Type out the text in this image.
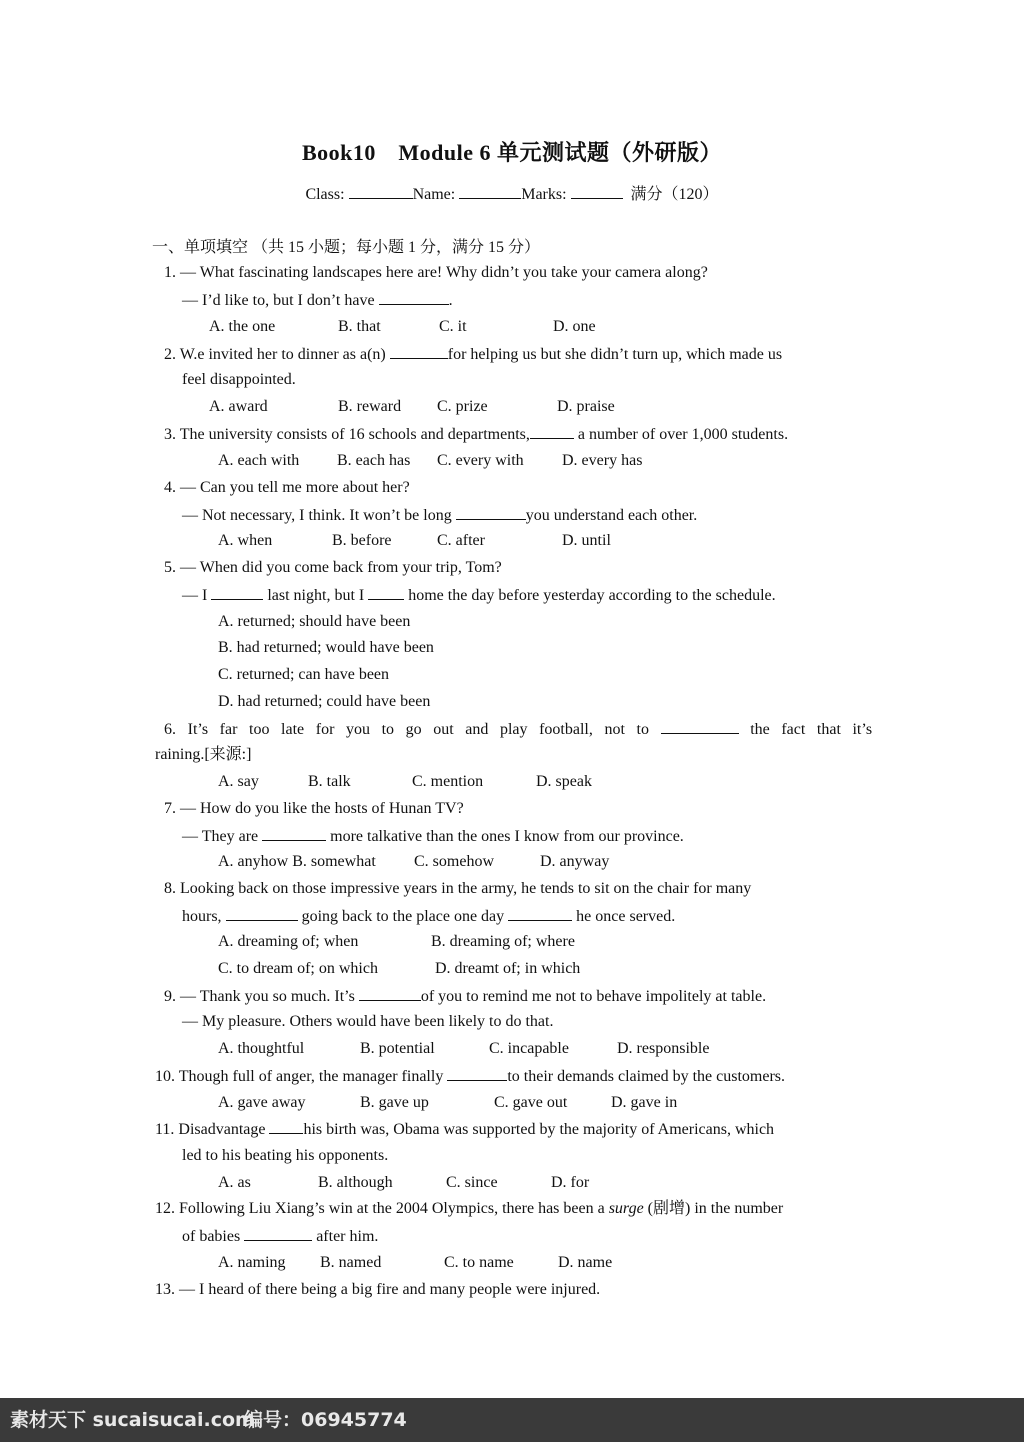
Book10　Module 6 单元测试题（外研版）
Class:	Name:	Marks:	满分（120）
一、单项填空 （共 15 小题；每小题 1 分，满分 15 分）
1. — What fascinating landscapes here are! Why didn’t you take your camera along?
— I’d like to, but I don’t have	.
A. the one	B. that	C. it	D. one
2. W.e invited her to dinner as a(n)	for helping us but she didn’t turn up, which made us
feel disappointed.
A. award	B. reward C. prize	D. praise
3. The university consists of 16 schools and departments,	a number of over 1,000 students.
A. each with B. each has C. every with D. every has
4. — Can you tell me more about her?
— Not necessary, I think. It won’t be long	you understand each other.
A. when	B. before	C. after	D. until
5. — When did you come back from your trip, Tom?
— I	last night, but I	home the day before yesterday according to the schedule.
A. returned; should have been
B. had returned; would have been
C. returned; can have been
D. had returned; could have been
6. It’s far too late for you to go out and play football, not to	the fact that it’s
raining.[来源:]
A. say	B. talk	C. mention	D. speak
7. — How do you like the hosts of Hunan TV?
— They are	more talkative than the ones I know from our province.
A. anyhow B. somewhat C. somehow	D. anyway
8. Looking back on those impressive years in the army, he tends to sit on the chair for many
hours,	going back to the place one day	he once served.
A. dreaming of; when	B. dreaming of; where
C. to dream of; on which	D. dreamt of; in which
9. — Thank you so much. It’s	of you to remind me not to behave impolitely at table.
— My pleasure. Others would have been likely to do that.
A. thoughtful	B. potential	C. incapable	D. responsible
10. Though full of anger, the manager finally	to their demands claimed by the customers.
A. gave away	B. gave up	C. gave out	D. gave in
11. Disadvantage his birth was, Obama was supported by the majority of Americans, which
led to his beating his opponents.
A. as	B. although	C. since	D. for
12. Following Liu Xiang’s win at the 2004 Olympics, there has been a surge (剧增) in the number
of babies	after him.
A. naming B. named	C. to name	D. name
13. — I heard of there being a big fire and many people were injured.
素材天下 sucaisucai.com
编号：06945774
